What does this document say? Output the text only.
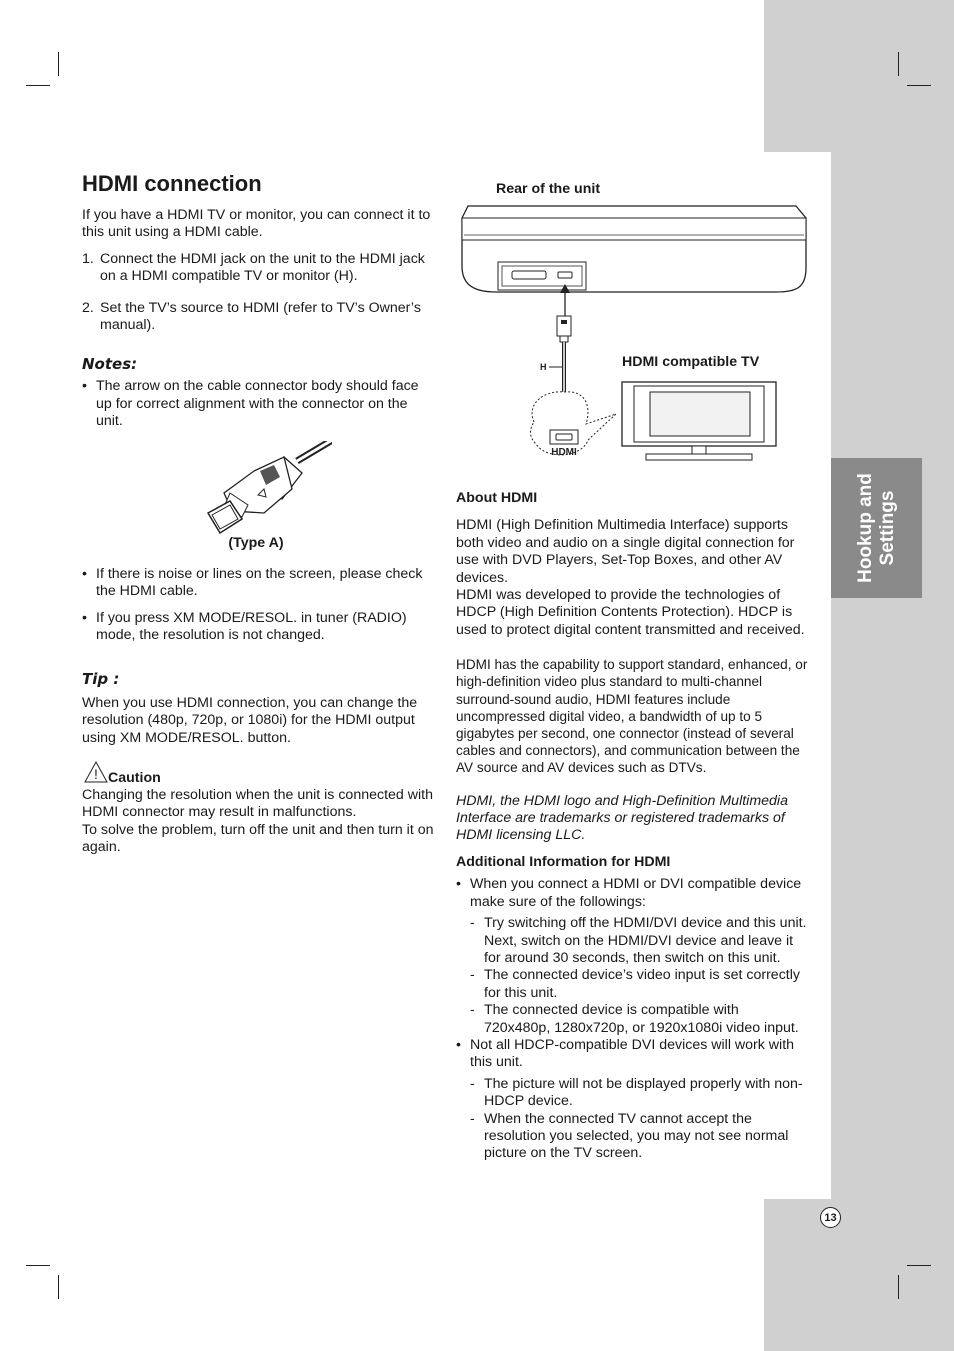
Hookup and Settings
HDMI connection

If you have a HDMI TV or monitor, you can connect it to this unit using a HDMI cable.

1. Connect the HDMI jack on the unit to the HDMI jack on a HDMI compatible TV or monitor (H).
2. Set the TV’s source to HDMI (refer to TV’s Owner’s manual).
Notes:
• The arrow on the cable connector body should face up for correct alignment with the connector on the unit.
(Type A)
• If there is noise or lines on the screen, please check the HDMI cable.
• If you press XM MODE/RESOL. in tuner (RADIO) mode, the resolution is not changed.
Tip :

When you use HDMI connection, you can change the resolution (480p, 720p, or 1080i) for the HDMI output using XM MODE/RESOL. button.

! Caution

Changing the resolution when the unit is connected with HDMI connector may result in malfunctions.

To solve the problem, turn off the unit and then turn it on again.

Rear of the unit
H
HDMI
HDMI compatible TV
About HDMI

HDMI (High Definition Multimedia Interface) supports both video and audio on a single digital connection for use with DVD Players, Set-Top Boxes, and other AV devices.

HDMI was developed to provide the technologies of HDCP (High Definition Contents Protection). HDCP is used to protect digital content transmitted and received.

HDMI has the capability to support standard, enhanced, or high-definition video plus standard to multi-channel surround-sound audio, HDMI features include uncompressed digital video, a bandwidth of up to 5 gigabytes per second, one connector (instead of several cables and connectors), and communication between the AV source and AV devices such as DTVs.

HDMI, the HDMI logo and High-Definition Multimedia Interface are trademarks or registered trademarks of HDMI licensing LLC.

Additional Information for HDMI
• When you connect a HDMI or DVI compatible device make sure of the followings:
- Try switching off the HDMI/DVI device and this unit. Next, switch on the HDMI/DVI device and leave it for around 30 seconds, then switch on this unit.
- The connected device’s video input is set correctly for this unit.
- The connected device is compatible with 720x480p, 1280x720p, or 1920x1080i video input.
• Not all HDCP-compatible DVI devices will work with this unit.
- The picture will not be displayed properly with non-HDCP device.
- When the connected TV cannot accept the resolution you selected, you may not see normal picture on the TV screen.
13
